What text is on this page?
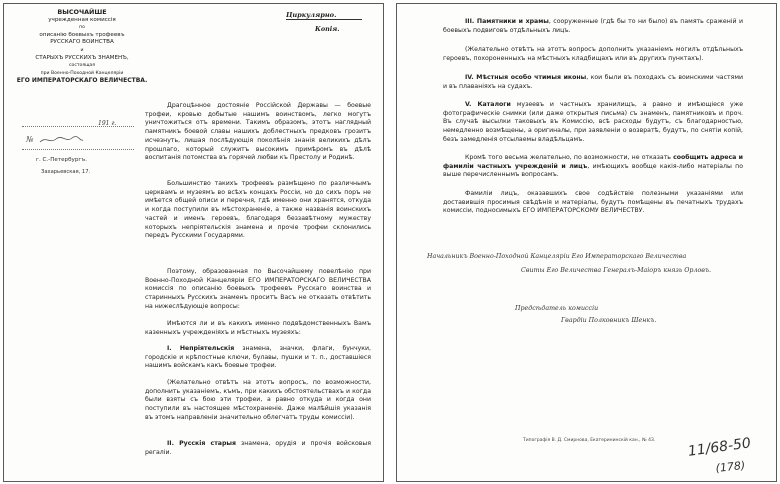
ВЫСОЧАЙШЕ
учрежденная комиссія
по
описанію боевыхъ трофеевъ
РУССКАГО ВОИНСТВА
и
СТАРЫХЪ РУССКИХЪ ЗНАМЕНЪ,
состоящая
при Военно-Походной Канцеляріи
ЕГО ИМПЕРАТОРСКАГО ВЕЛИЧЕСТВА.
Циркулярно.
Копія.
191 г.
№
г. С.-Петербургъ.
Захарьевская, 17.
Драгоцѣнное достояніе Россійской Державы — боевые трофеи, кровью добытые нашимъ воинствомъ, легко могутъ уничтожиться отъ времени. Такимъ образомъ, этотъ наглядный памятникъ боевой славы нашихъ доблестныхъ предковъ грозитъ исчезнуть, лишая послѣдующія поколѣнія знанія великихъ дѣлъ прошлаго, который служитъ высокимъ примѣромъ въ дѣлѣ воспитанія потомства въ горячей любви къ Престолу и Родинѣ.
Большинство такихъ трофеевъ размѣщено по различнымъ церквамъ и музеямъ во всѣхъ концахъ Россіи, но до сихъ поръ не имѣется общей описи и перечня, гдѣ именно они хранятся, откуда и когда поступили въ мѣстохраненіе, а также названія воинскихъ частей и именъ героевъ, благодаря беззавѣтному мужеству которыхъ непріятельскія знамена и прочіе трофеи склонились передъ Русскими Государями.
Поэтому, образованная по Высочайшему повелѣнію при Военно-Походной Канцеляріи ЕГО ИМПЕРАТОРСКАГО ВЕЛИЧЕСТВА комиссія по описанію боевыхъ трофеевъ Русскаго воинства и старинныхъ Русскихъ знаменъ проситъ Васъ не отказать отвѣтить на нижеслѣдующіе вопросы:
Имѣются ли и въ какихъ именно подвѣдомственныхъ Вамъ казенныхъ учрежденіяхъ и мѣстныхъ музеяхъ:
I. Непріятельскія знамена, значки, флаги, бунчуки, городскіе и крѣпостные ключи, булавы, пушки и т. п., доставшіеся нашимъ войскамъ какъ боевые трофеи.
(Желательно отвѣтъ на этотъ вопросъ, по возможности, дополнить указаніемъ, къмъ, при какихъ обстоятельствахъ и когда были взяты съ бою эти трофеи, а равно откуда и когда они поступили въ настоящее мѣстохраненіе. Даже малѣйшія указанія въ этомъ направленіи значительно облегчатъ труды комиссіи).
II. Русскія старыя знамена, орудія и прочія войсковыя регаліи.
III. Памятники и храмы, сооруженные (гдѣ бы то ни было) въ память сраженій и боевыхъ подвиговъ отдѣльныхъ лицъ.
(Желательно отвѣтъ на этотъ вопросъ дополнить указаніемъ могилъ отдѣльныхъ героевъ, похороненныхъ на мѣстныхъ кладбищахъ или въ другихъ пунктахъ).
IV. Мѣстныя особо чтимыя иконы, кои были въ походахъ съ воинскими частями и въ плаваніяхъ на судахъ.
V. Каталоги музеевъ и частныхъ хранилищъ, а равно и имѣющіеся уже фотографическіе снимки (или даже открытыя письма) съ знаменъ, памятниковъ и проч. Въ случаѣ высылки таковыхъ въ Комиссію, всѣ расходы будутъ, съ благодарностью, немедленно возмѣщены, а оригиналы, при заявленіи о возвратѣ, будутъ, по снятіи копій, безъ замедленія отсылаемы владѣльцамъ.
Кромѣ того весьма желательно, по возможности, не отказать сообщить адреса и фамиліи частныхъ учрежденій и лицъ, имѣющихъ вообще какія-либо матеріалы по выше перечисленнымъ вопросамъ.
Фамиліи лицъ, оказавшихъ свое содѣйствіе полезными указаніями или доставившія просимыя свѣдѣнія и матеріалы, будутъ помѣщены въ печатныхъ трудахъ комиссіи, подносимыхъ ЕГО ИМПЕРАТОРСКОМУ ВЕЛИЧЕСТВУ.
Начальникъ Военно-Походной Канцеляріи Его Императорскаго Величества
Свиты Его Величества Генералъ-Маіоръ князь Орловъ.
Предсѣдатель комиссіи
Гвардіи Полковникъ Шенкъ.
Типографія В. Д. Смирнова, Екатерининскій кан., № 43. 11/68-50
(178)
